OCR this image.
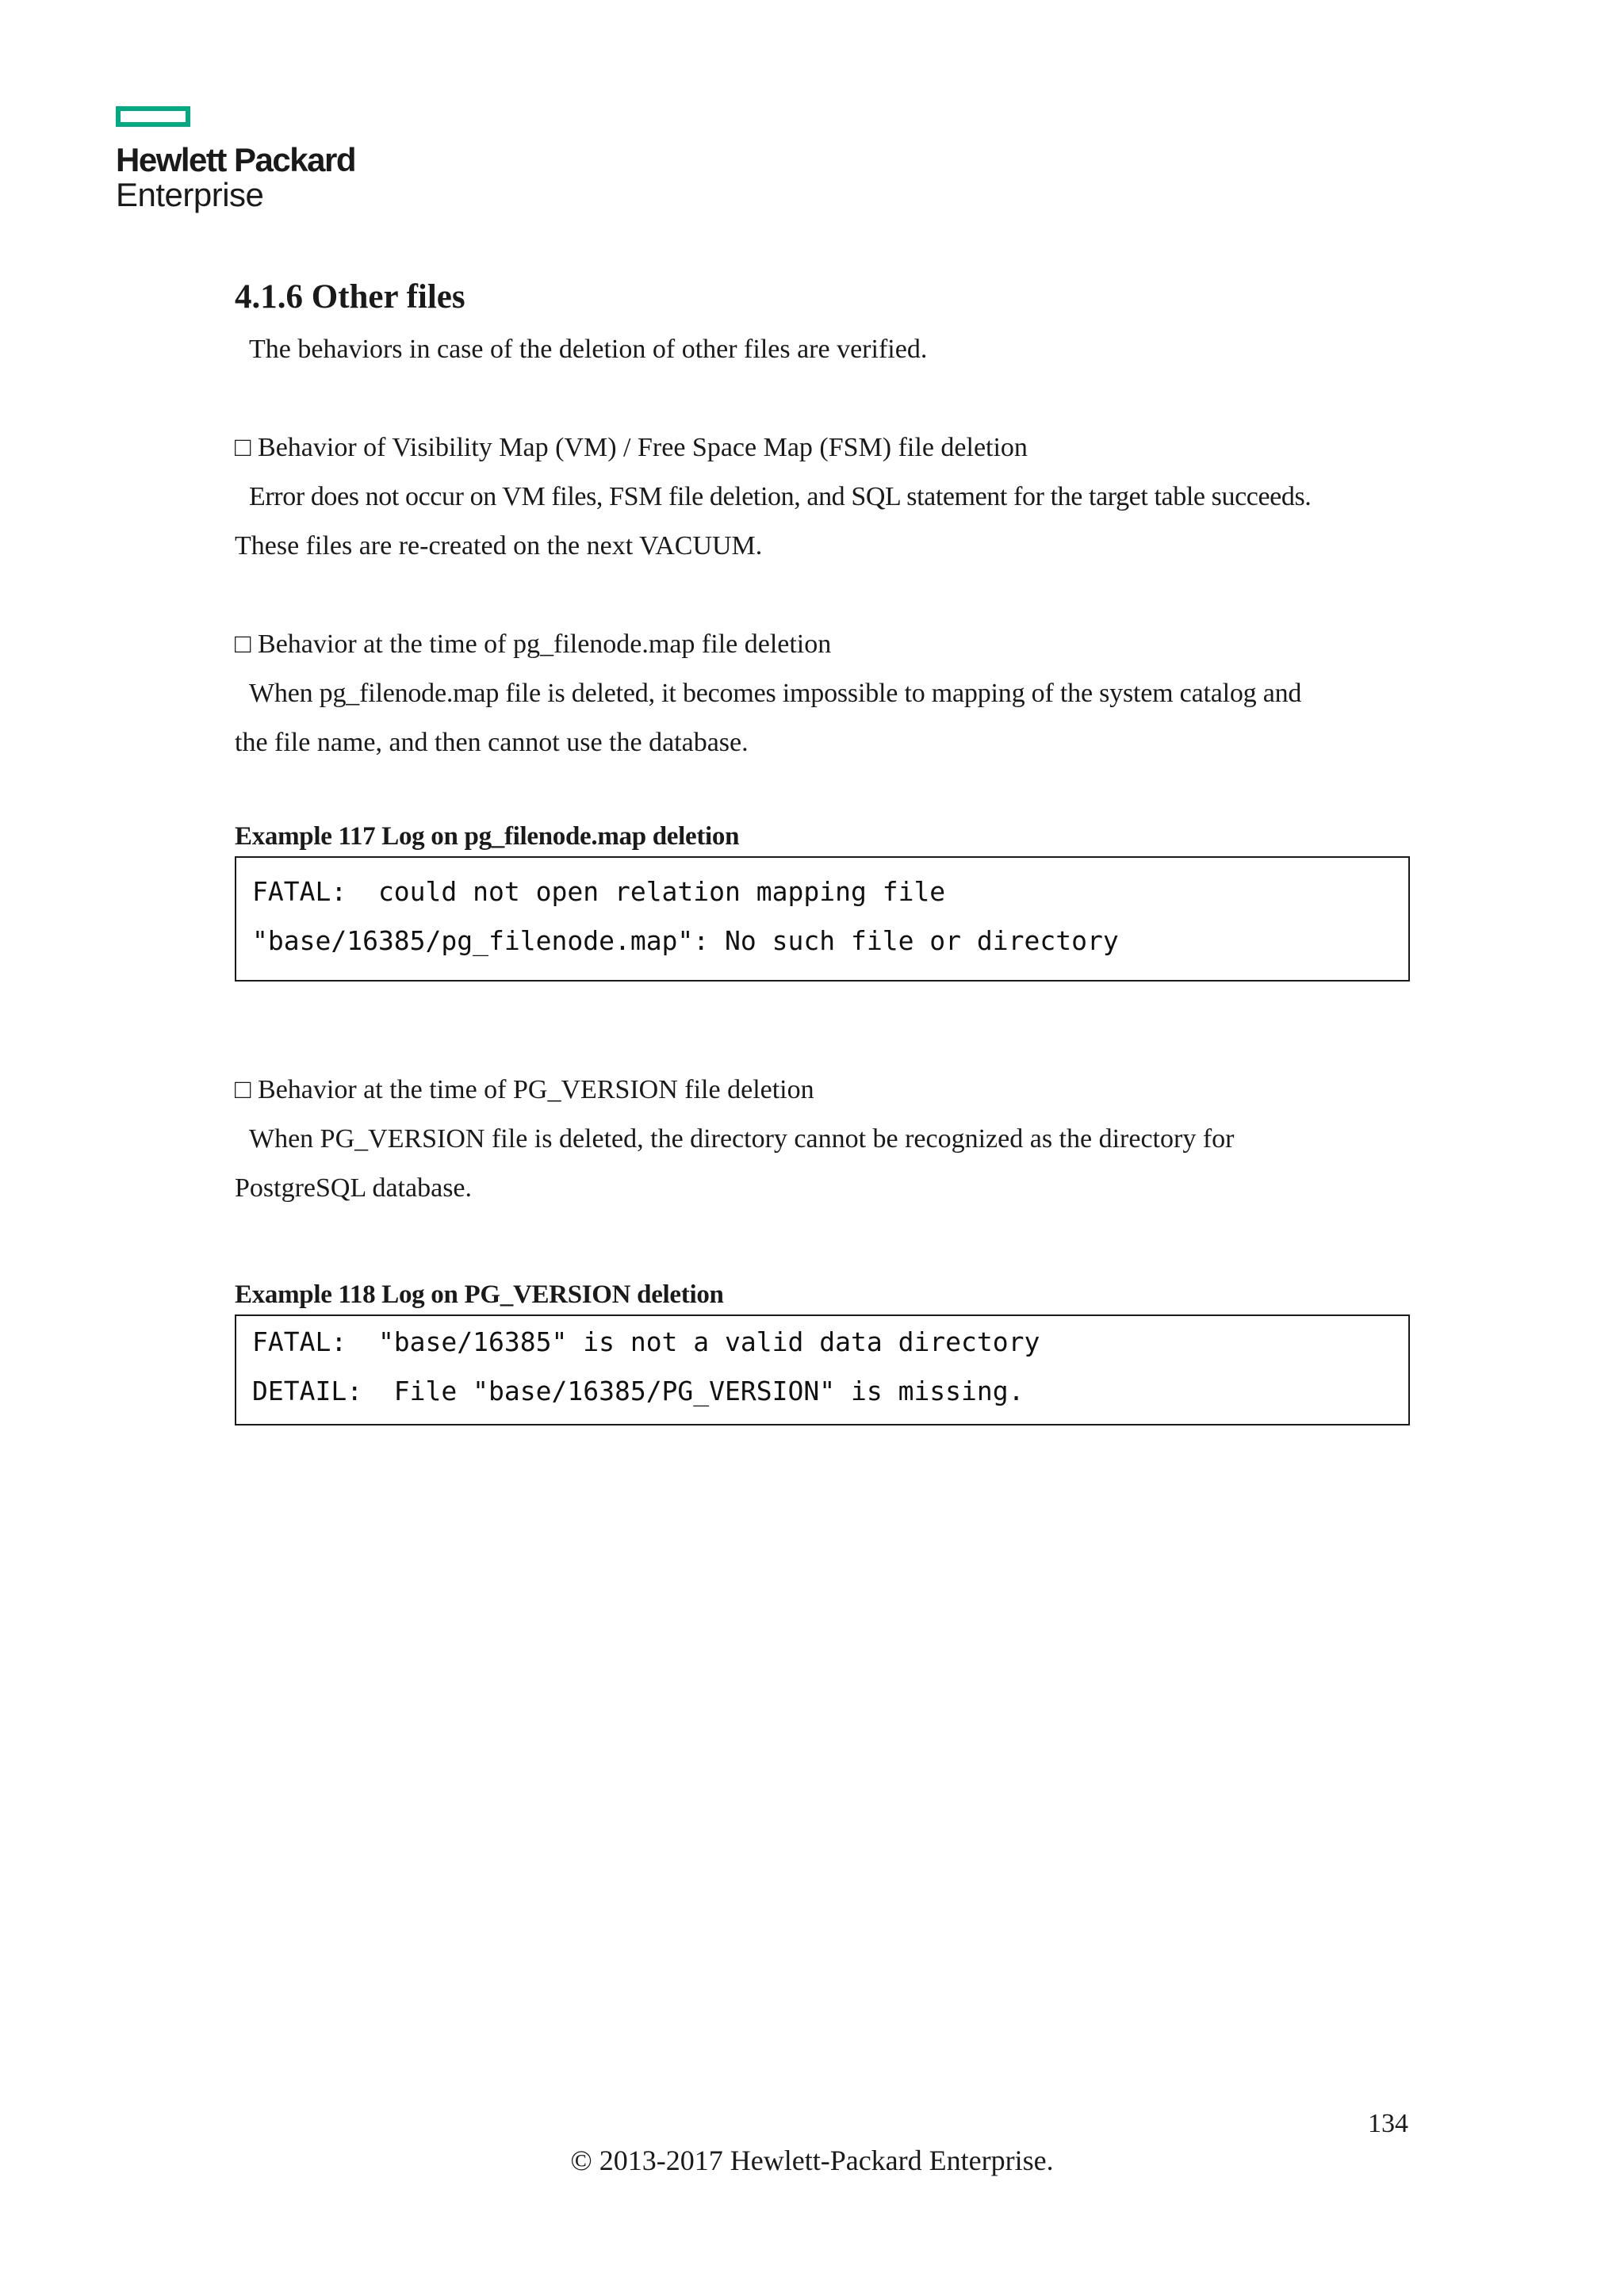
Hewlett Packard
Enterprise
4.1.6 Other files

The behaviors in case of the deletion of other files are verified.

□ Behavior of Visibility Map (VM) / Free Space Map (FSM) file deletion

Error does not occur on VM files, FSM file deletion, and SQL statement for the target table succeeds.

These files are re-created on the next VACUUM.

□ Behavior at the time of pg_filenode.map file deletion

When pg_filenode.map file is deleted, it becomes impossible to mapping of the system catalog and

the file name, and then cannot use the database.

Example 117 Log on pg_filenode.map deletion

FATAL:  could not open relation mapping file
"base/16385/pg_filenode.map": No such file or directory

□ Behavior at the time of PG_VERSION file deletion

When PG_VERSION file is deleted, the directory cannot be recognized as the directory for

PostgreSQL database.

Example 118 Log on PG_VERSION deletion

FATAL:  "base/16385" is not a valid data directory
DETAIL:  File "base/16385/PG_VERSION" is missing.
134
© 2013-2017 Hewlett-Packard Enterprise.
